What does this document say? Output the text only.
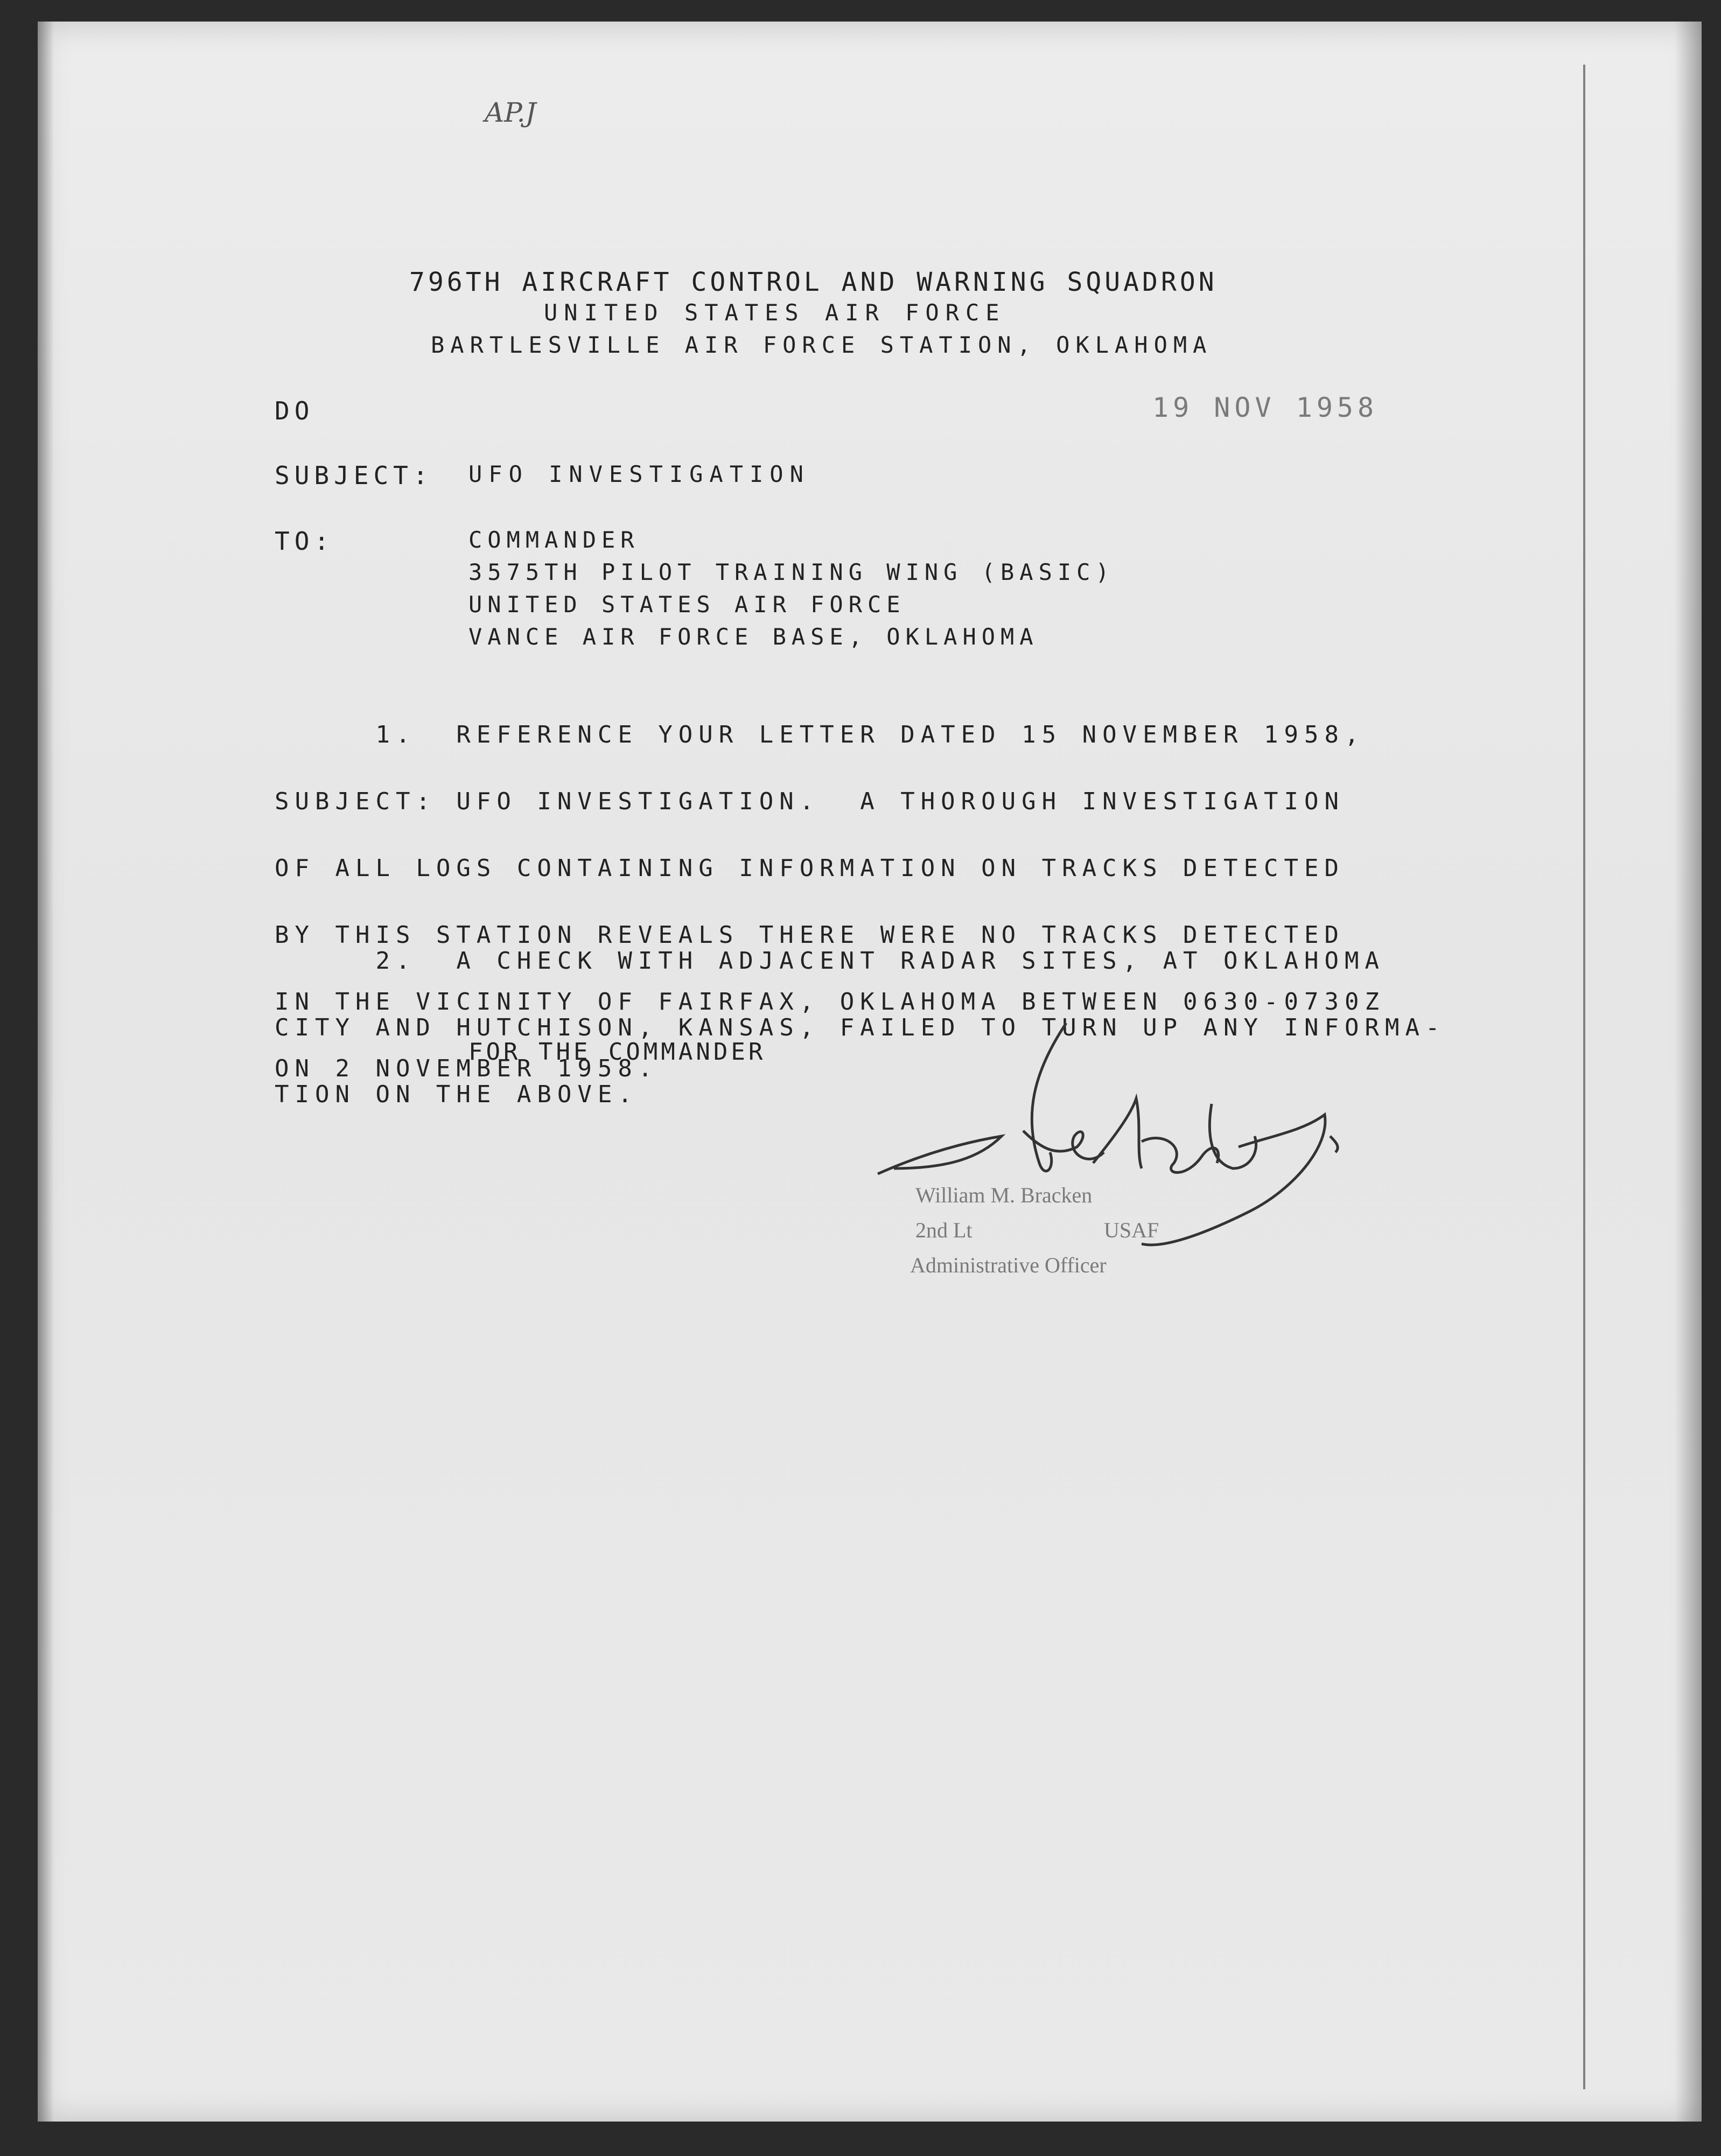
AP.J
796TH AIRCRAFT CONTROL AND WARNING SQUADRON
UNITED STATES AIR FORCE
BARTLESVILLE AIR FORCE STATION, OKLAHOMA
DO	19 NOV 1958
SUBJECT: UFO INVESTIGATION
TO:	COMMANDER
3575TH PILOT TRAINING WING (BASIC)
UNITED STATES AIR FORCE
VANCE AIR FORCE BASE, OKLAHOMA

1.  REFERENCE YOUR LETTER DATED 15 NOVEMBER 1958,

SUBJECT: UFO INVESTIGATION.  A THOROUGH INVESTIGATION

OF ALL LOGS CONTAINING INFORMATION ON TRACKS DETECTED

BY THIS STATION REVEALS THERE WERE NO TRACKS DETECTED

IN THE VICINITY OF FAIRFAX, OKLAHOMA BETWEEN 0630-0730Z

ON 2 NOVEMBER 1958.

2.  A CHECK WITH ADJACENT RADAR SITES, AT OKLAHOMA

CITY AND HUTCHISON, KANSAS, FAILED TO TURN UP ANY INFORMA-

TION ON THE ABOVE.

FOR THE COMMANDER
William M. Bracken
2nd Lt	USAF
Administrative Officer
